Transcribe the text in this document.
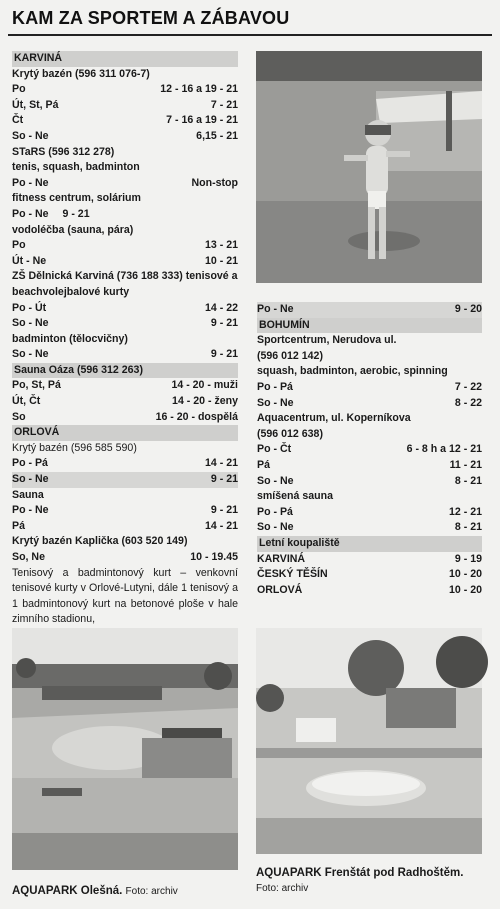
KAM ZA SPORTEM A ZÁBAVOU
KARVINÁ
Krytý bazén (596 311 076-7)
Po	12 - 16 a 19 - 21
Út, St, Pá	7 - 21
Čt	7 - 16 a 19 - 21
So - Ne	6,15 - 21
STaRS (596 312 278)
tenis, squash, badminton
Po - Ne	Non-stop
fitness centrum, solárium
Po - Ne 9 - 21
vodoléčba (sauna, pára)
Po	13 - 21
Út - Ne	10 - 21
ZŠ Dělnická Karviná (736 188 333) tenisové a beachvolejbalové kurty
Po - Út	14 - 22
So - Ne	9 - 21
badminton (tělocvičny)
So - Ne	9 - 21
Sauna Oáza (596 312 263)
Po, St, Pá	14 - 20 - muži
Út, Čt	14 - 20 - ženy
So	16 - 20 - dospělá
ORLOVÁ
Krytý bazén (596 585 590)
Po - Pá	14 - 21
So - Ne	9 - 21
Sauna
Po - Ne	9 - 21
Pá	14 - 21
Krytý bazén Kaplička (603 520 149)
So, Ne	10 - 19.45
Tenisový a badmintonový kurt – venkovní tenisové kurty v Orlové-Lutyni, dále 1 tenisový a 1 badmintonový kurt na betonové ploše v hale zimního stadionu,
Po - Ne	9 - 20
BOHUMÍN
Sportcentrum, Nerudova ul.
(596 012 142)
squash, badminton, aerobic, spinning
Po - Pá	7 - 22
So - Ne	8 - 22
Aquacentrum, ul. Koperníkova
(596 012 638)
Po - Čt	6 - 8 h a 12 - 21
Pá	11 - 21
So - Ne	8 - 21
smíšená sauna
Po - Pá	12 - 21
So - Ne	8 - 21
Letní koupaliště
KARVINÁ	9 - 19
ČESKÝ TĚŠÍN	10 - 20
ORLOVÁ	10 - 20
AQUAPARK Olešná. Foto: archiv
AQUAPARK Frenštát pod Radhoštěm. Foto: archiv
